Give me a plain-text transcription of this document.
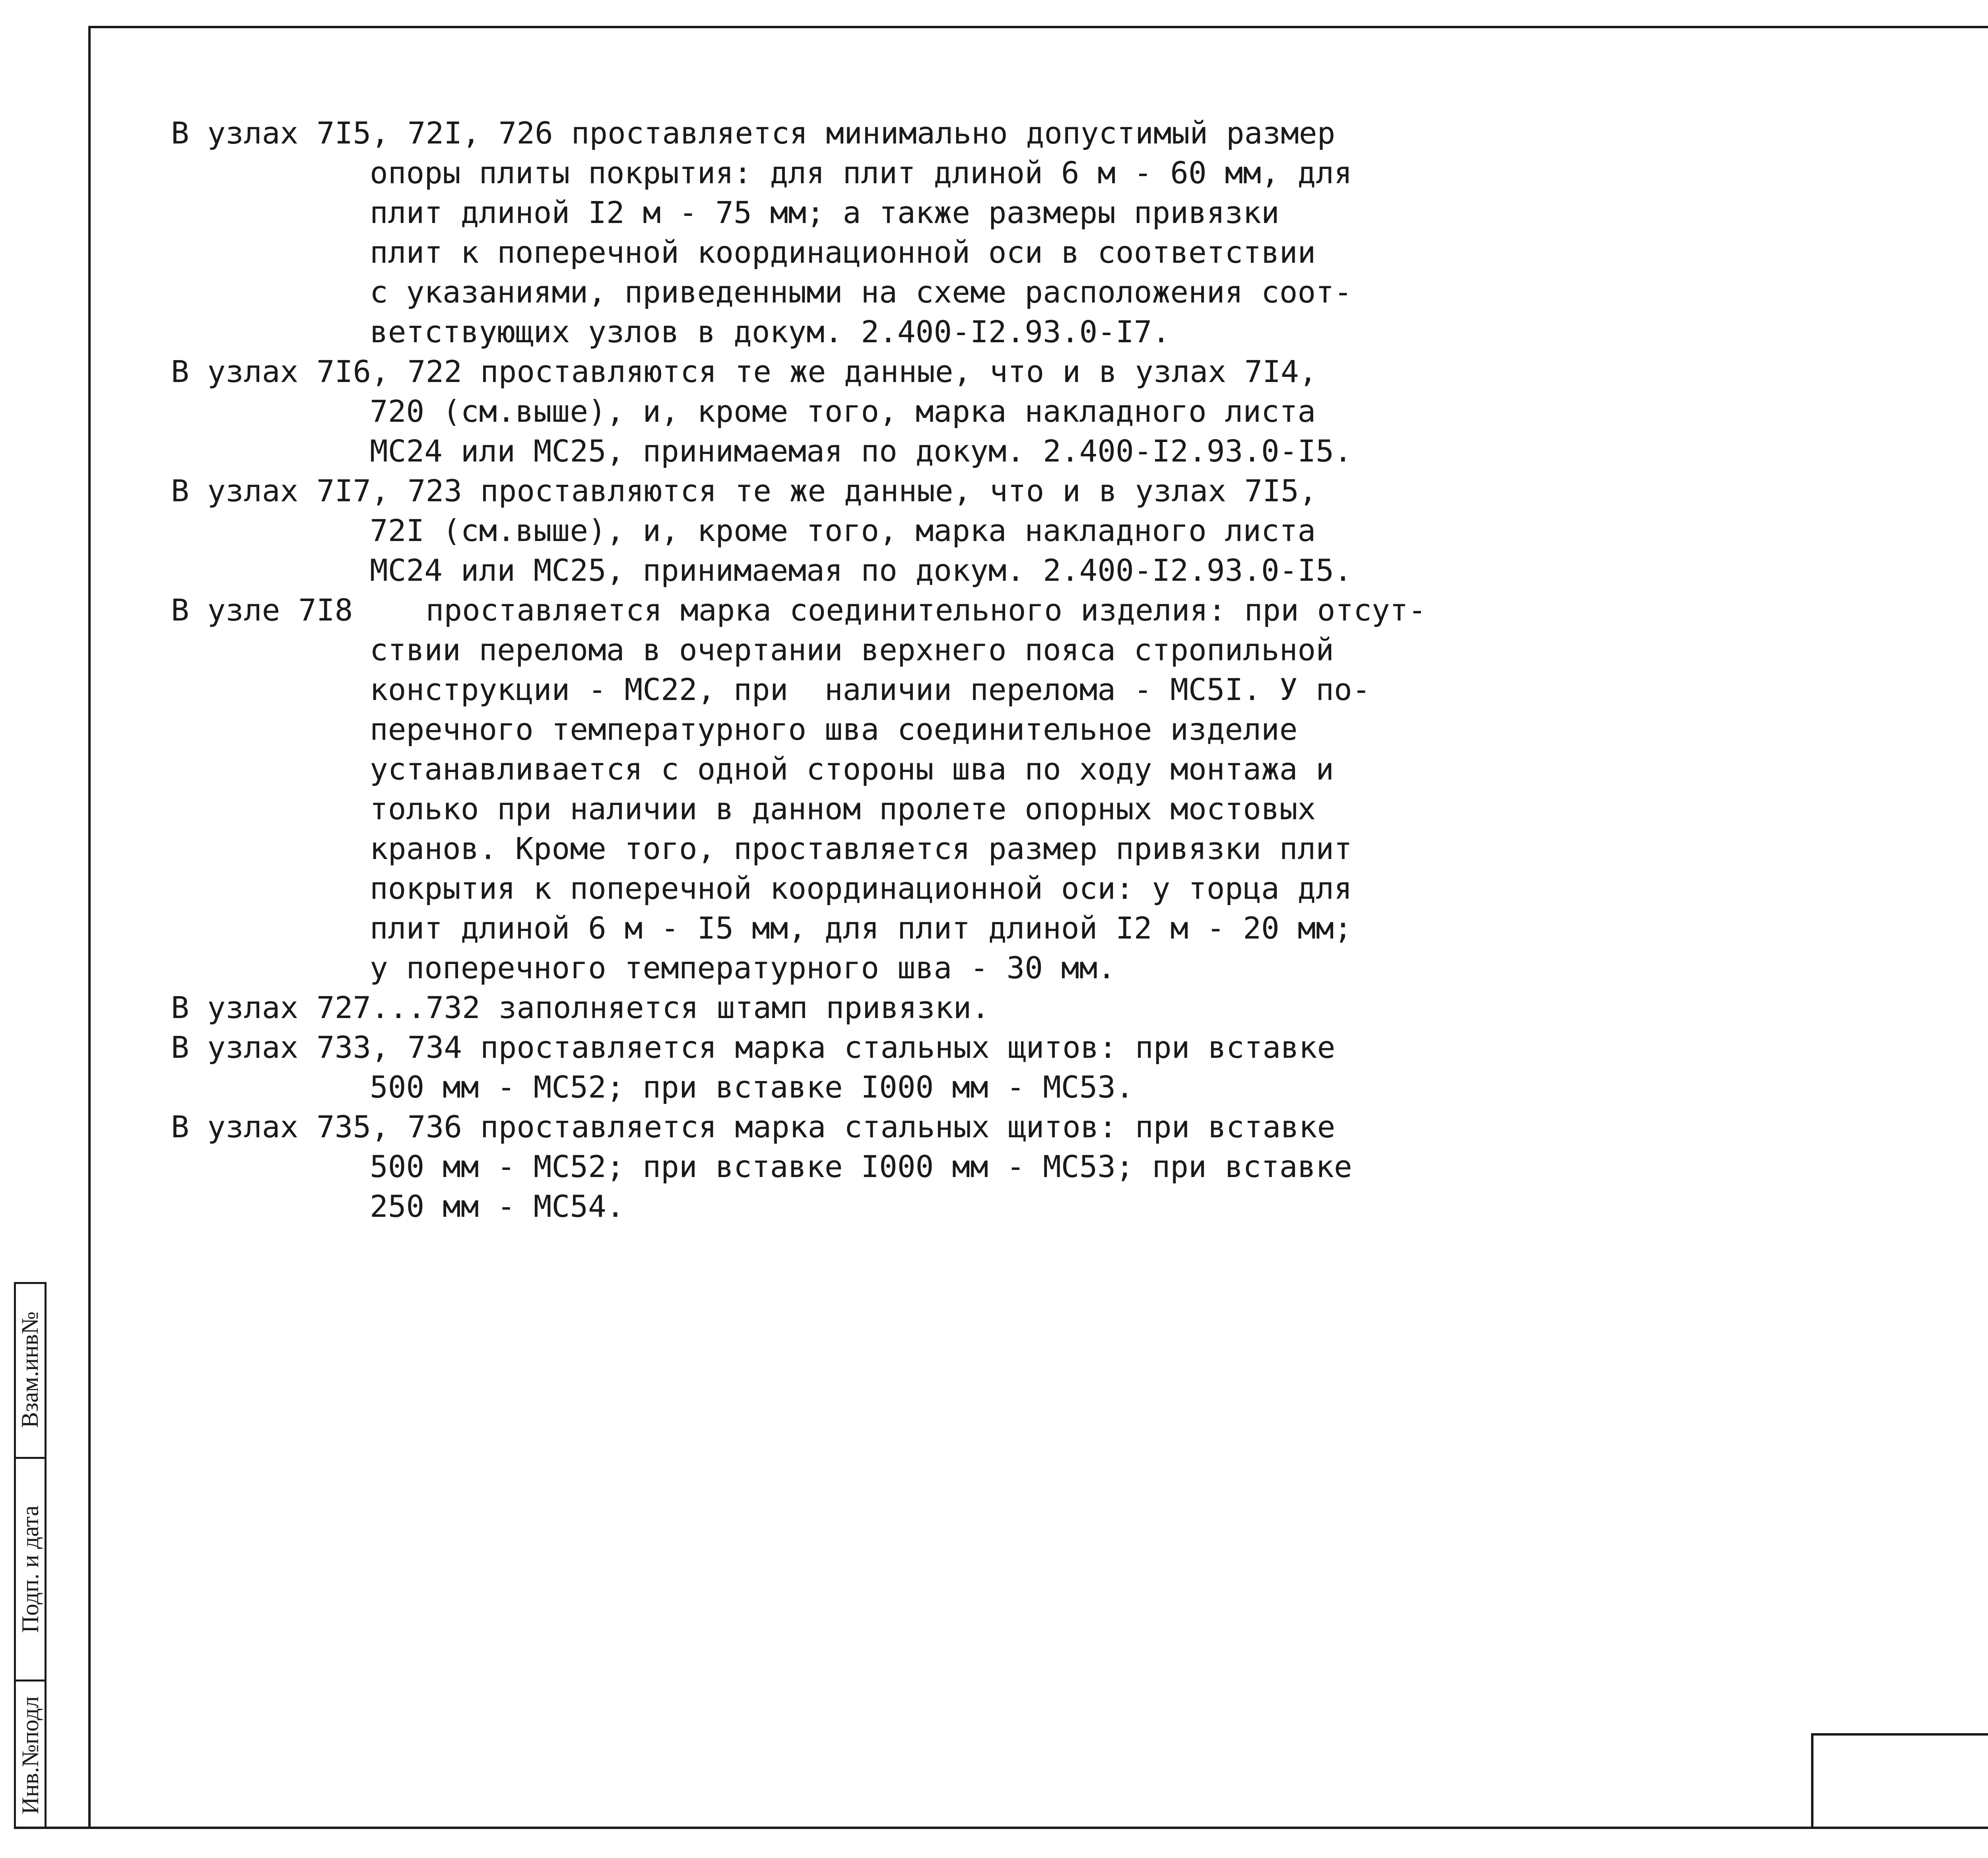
В узлах 7I5, 72I, 726 проставляется минимально допустимый размер
опоры плиты покрытия: для плит длиной 6 м - 60 мм, для
плит длиной I2 м - 75 мм; а также размеры привязки
плит к поперечной координационной оси в соответствии
с указаниями, приведенными на схеме расположения соот-
ветствующих узлов в докум. 2.400-I2.93.0-I7.
В узлах 7I6, 722 проставляются те же данные, что и в узлах 7I4,
720 (см.выше), и, кроме того, марка накладного листа
МС24 или МС25, принимаемая по докум. 2.400-I2.93.0-I5.
В узлах 7I7, 723 проставляются те же данные, что и в узлах 7I5,
72I (см.выше), и, кроме того, марка накладного листа
МС24 или МС25, принимаемая по докум. 2.400-I2.93.0-I5.
В узле 7I8    проставляется марка соединительного изделия: при отсут-
ствии перелома в очертании верхнего пояса стропильной
конструкции - МС22, при  наличии перелома - МС5I. У по-
перечного температурного шва соединительное изделие
устанавливается с одной стороны шва по ходу монтажа и
только при наличии в данном пролете опорных мостовых
кранов. Кроме того, проставляется размер привязки плит
покрытия к поперечной координационной оси: у торца для
плит длиной 6 м - I5 мм, для плит длиной I2 м - 20 мм;
у поперечного температурного шва - 30 мм.
В узлах 727...732 заполняется штамп привязки.
В узлах 733, 734 проставляется марка стальных щитов: при вставке
500 мм - МС52; при вставке I000 мм - МС53.
В узлах 735, 736 проставляется марка стальных щитов: при вставке
500 мм - МС52; при вставке I000 мм - МС53; при вставке
250 мм - МС54.
Взам.инв№
Подп. и дата
Инв.№подл
